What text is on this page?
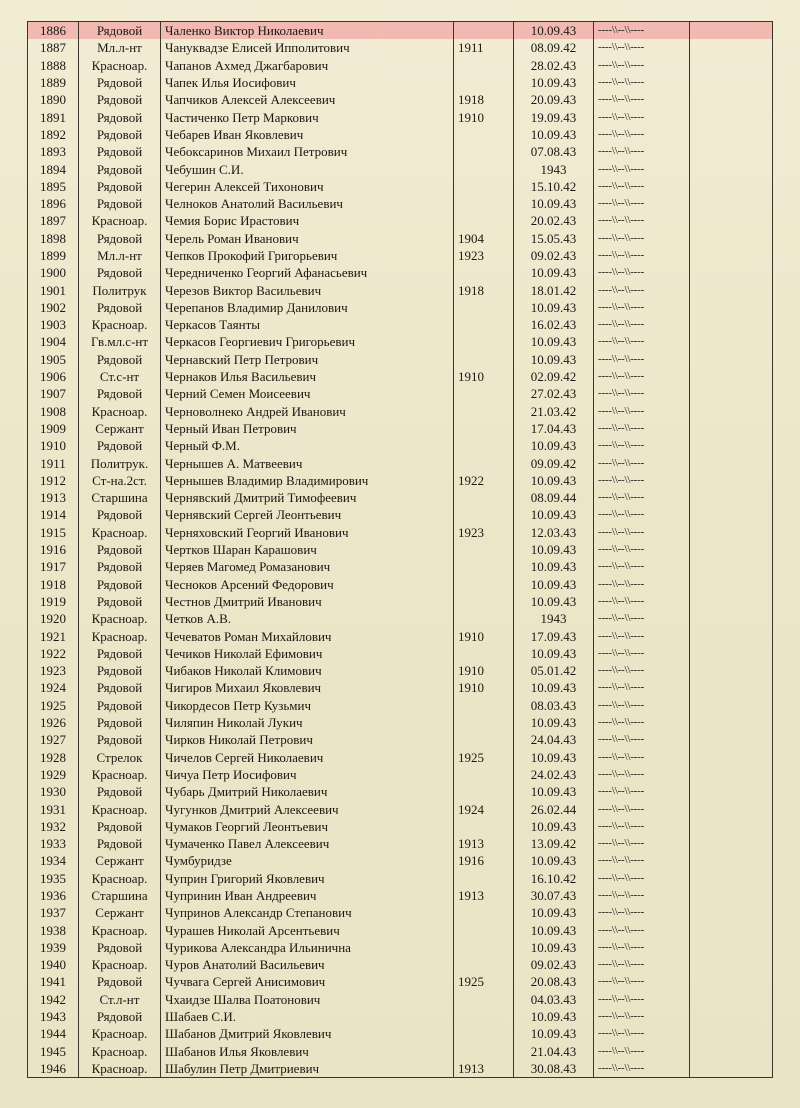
1886	Рядовой	Чаленко Виктор Николаевич		10.09.43	----\\--\\----	
1887	Мл.л-нт	Чануквадзе Елисей Ипполитович	1911	08.09.42	----\\--\\----	
1888	Красноар.	Чапанов Ахмед Джагбарович		28.02.43	----\\--\\----	
1889	Рядовой	Чапек Илья Иосифович		10.09.43	----\\--\\----	
1890	Рядовой	Чапчиков Алексей Алексеевич	1918	20.09.43	----\\--\\----	
1891	Рядовой	Частиченко Петр Маркович	1910	19.09.43	----\\--\\----	
1892	Рядовой	Чебарев Иван Яковлевич		10.09.43	----\\--\\----	
1893	Рядовой	Чебоксаринов Михаил Петрович		07.08.43	----\\--\\----	
1894	Рядовой	Чебушин С.И.		1943	----\\--\\----	
1895	Рядовой	Чегерин Алексей Тихонович		15.10.42	----\\--\\----	
1896	Рядовой	Челноков Анатолий Васильевич		10.09.43	----\\--\\----	
1897	Красноар.	Чемия Борис Ирастович		20.02.43	----\\--\\----	
1898	Рядовой	Черель Роман Иванович	1904	15.05.43	----\\--\\----	
1899	Мл.л-нт	Чепков Прокофий Григорьевич	1923	09.02.43	----\\--\\----	
1900	Рядовой	Чередниченко Георгий Афанасьевич		10.09.43	----\\--\\----	
1901	Политрук	Черезов Виктор Васильевич	1918	18.01.42	----\\--\\----	
1902	Рядовой	Черепанов Владимир Данилович		10.09.43	----\\--\\----	
1903	Красноар.	Черкасов Таянты		16.02.43	----\\--\\----	
1904	Гв.мл.с-нт	Черкасов Георгиевич Григорьевич		10.09.43	----\\--\\----	
1905	Рядовой	Чернавский Петр Петрович		10.09.43	----\\--\\----	
1906	Ст.с-нт	Чернаков Илья Васильевич	1910	02.09.42	----\\--\\----	
1907	Рядовой	Черний Семен Моисеевич		27.02.43	----\\--\\----	
1908	Красноар.	Черноволнеко Андрей Иванович		21.03.42	----\\--\\----	
1909	Сержант	Черный Иван Петрович		17.04.43	----\\--\\----	
1910	Рядовой	Черный Ф.М.		10.09.43	----\\--\\----	
1911	Политрук.	Чернышев А. Матвеевич		09.09.42	----\\--\\----	
1912	Ст-на.2ст.	Чернышев Владимир Владимирович	1922	10.09.43	----\\--\\----	
1913	Старшина	Чернявский Дмитрий Тимофеевич		08.09.44	----\\--\\----	
1914	Рядовой	Чернявский Сергей Леонтьевич		10.09.43	----\\--\\----	
1915	Красноар.	Черняховский Георгий Иванович	1923	12.03.43	----\\--\\----	
1916	Рядовой	Чертков Шаран Карашович		10.09.43	----\\--\\----	
1917	Рядовой	Черяев Магомед Ромазанович		10.09.43	----\\--\\----	
1918	Рядовой	Чесноков Арсений Федорович		10.09.43	----\\--\\----	
1919	Рядовой	Честнов Дмитрий Иванович		10.09.43	----\\--\\----	
1920	Красноар.	Четков А.В.		1943	----\\--\\----	
1921	Красноар.	Чечеватов Роман Михайлович	1910	17.09.43	----\\--\\----	
1922	Рядовой	Чечиков Николай Ефимович		10.09.43	----\\--\\----	
1923	Рядовой	Чибаков Николай Климович	1910	05.01.42	----\\--\\----	
1924	Рядовой	Чигиров Михаил Яковлевич	1910	10.09.43	----\\--\\----	
1925	Рядовой	Чикордесов Петр Кузьмич		08.03.43	----\\--\\----	
1926	Рядовой	Чиляпин Николай Лукич		10.09.43	----\\--\\----	
1927	Рядовой	Чирков Николай Петрович		24.04.43	----\\--\\----	
1928	Стрелок	Чичелов Сергей Николаевич	1925	10.09.43	----\\--\\----	
1929	Красноар.	Чичуа Петр Иосифович		24.02.43	----\\--\\----	
1930	Рядовой	Чубарь Дмитрий Николаевич		10.09.43	----\\--\\----	
1931	Красноар.	Чугунков Дмитрий Алексеевич	1924	26.02.44	----\\--\\----	
1932	Рядовой	Чумаков Георгий Леонтьевич		10.09.43	----\\--\\----	
1933	Рядовой	Чумаченко Павел Алексеевич	1913	13.09.42	----\\--\\----	
1934	Сержант	Чумбуридзе	1916	10.09.43	----\\--\\----	
1935	Красноар.	Чуприн Григорий Яковлевич		16.10.42	----\\--\\----	
1936	Старшина	Чупринин Иван Андреевич	1913	30.07.43	----\\--\\----	
1937	Сержант	Чупринов Александр Степанович		10.09.43	----\\--\\----	
1938	Красноар.	Чурашев Николай Арсентьевич		10.09.43	----\\--\\----	
1939	Рядовой	Чурикова Александра Ильинична		10.09.43	----\\--\\----	
1940	Красноар.	Чуров Анатолий Васильевич		09.02.43	----\\--\\----	
1941	Рядовой	Чучвага Сергей Анисимович	1925	20.08.43	----\\--\\----	
1942	Ст.л-нт	Чхаидзе Шалва Поатонович		04.03.43	----\\--\\----	
1943	Рядовой	Шабаев С.И.		10.09.43	----\\--\\----	
1944	Красноар.	Шабанов Дмитрий Яковлевич		10.09.43	----\\--\\----	
1945	Красноар.	Шабанов Илья Яковлевич		21.04.43	----\\--\\----	
1946	Красноар.	Шабулин Петр Дмитриевич	1913	30.08.43	----\\--\\----	
